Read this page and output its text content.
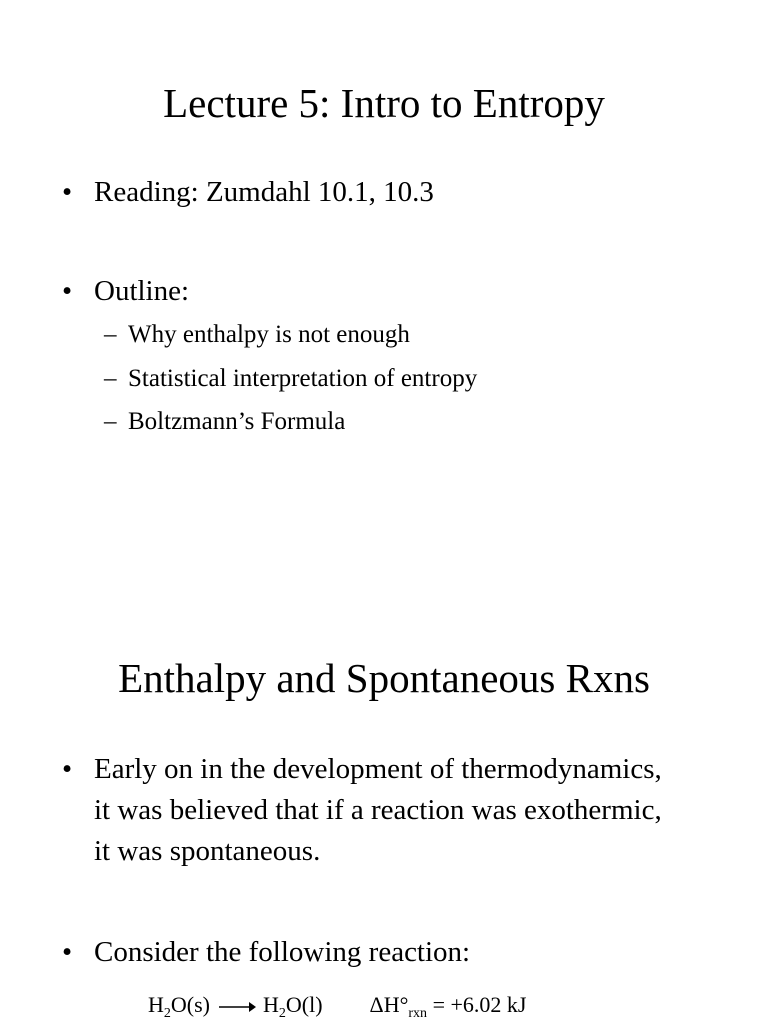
Lecture 5: Intro to Entropy
• Reading: Zumdahl 10.1, 10.3
• Outline:
– Why enthalpy is not enough
– Statistical interpretation of entropy
– Boltzmann’s Formula
Enthalpy and Spontaneous Rxns
• Early on in the development of thermodynamics, it was believed that if a reaction was exothermic, it was spontaneous.
• Consider the following reaction:
$H_2O(s) \to H_2O(l) \Delta H^\circ_{rxn} = +6.02$ kJ
